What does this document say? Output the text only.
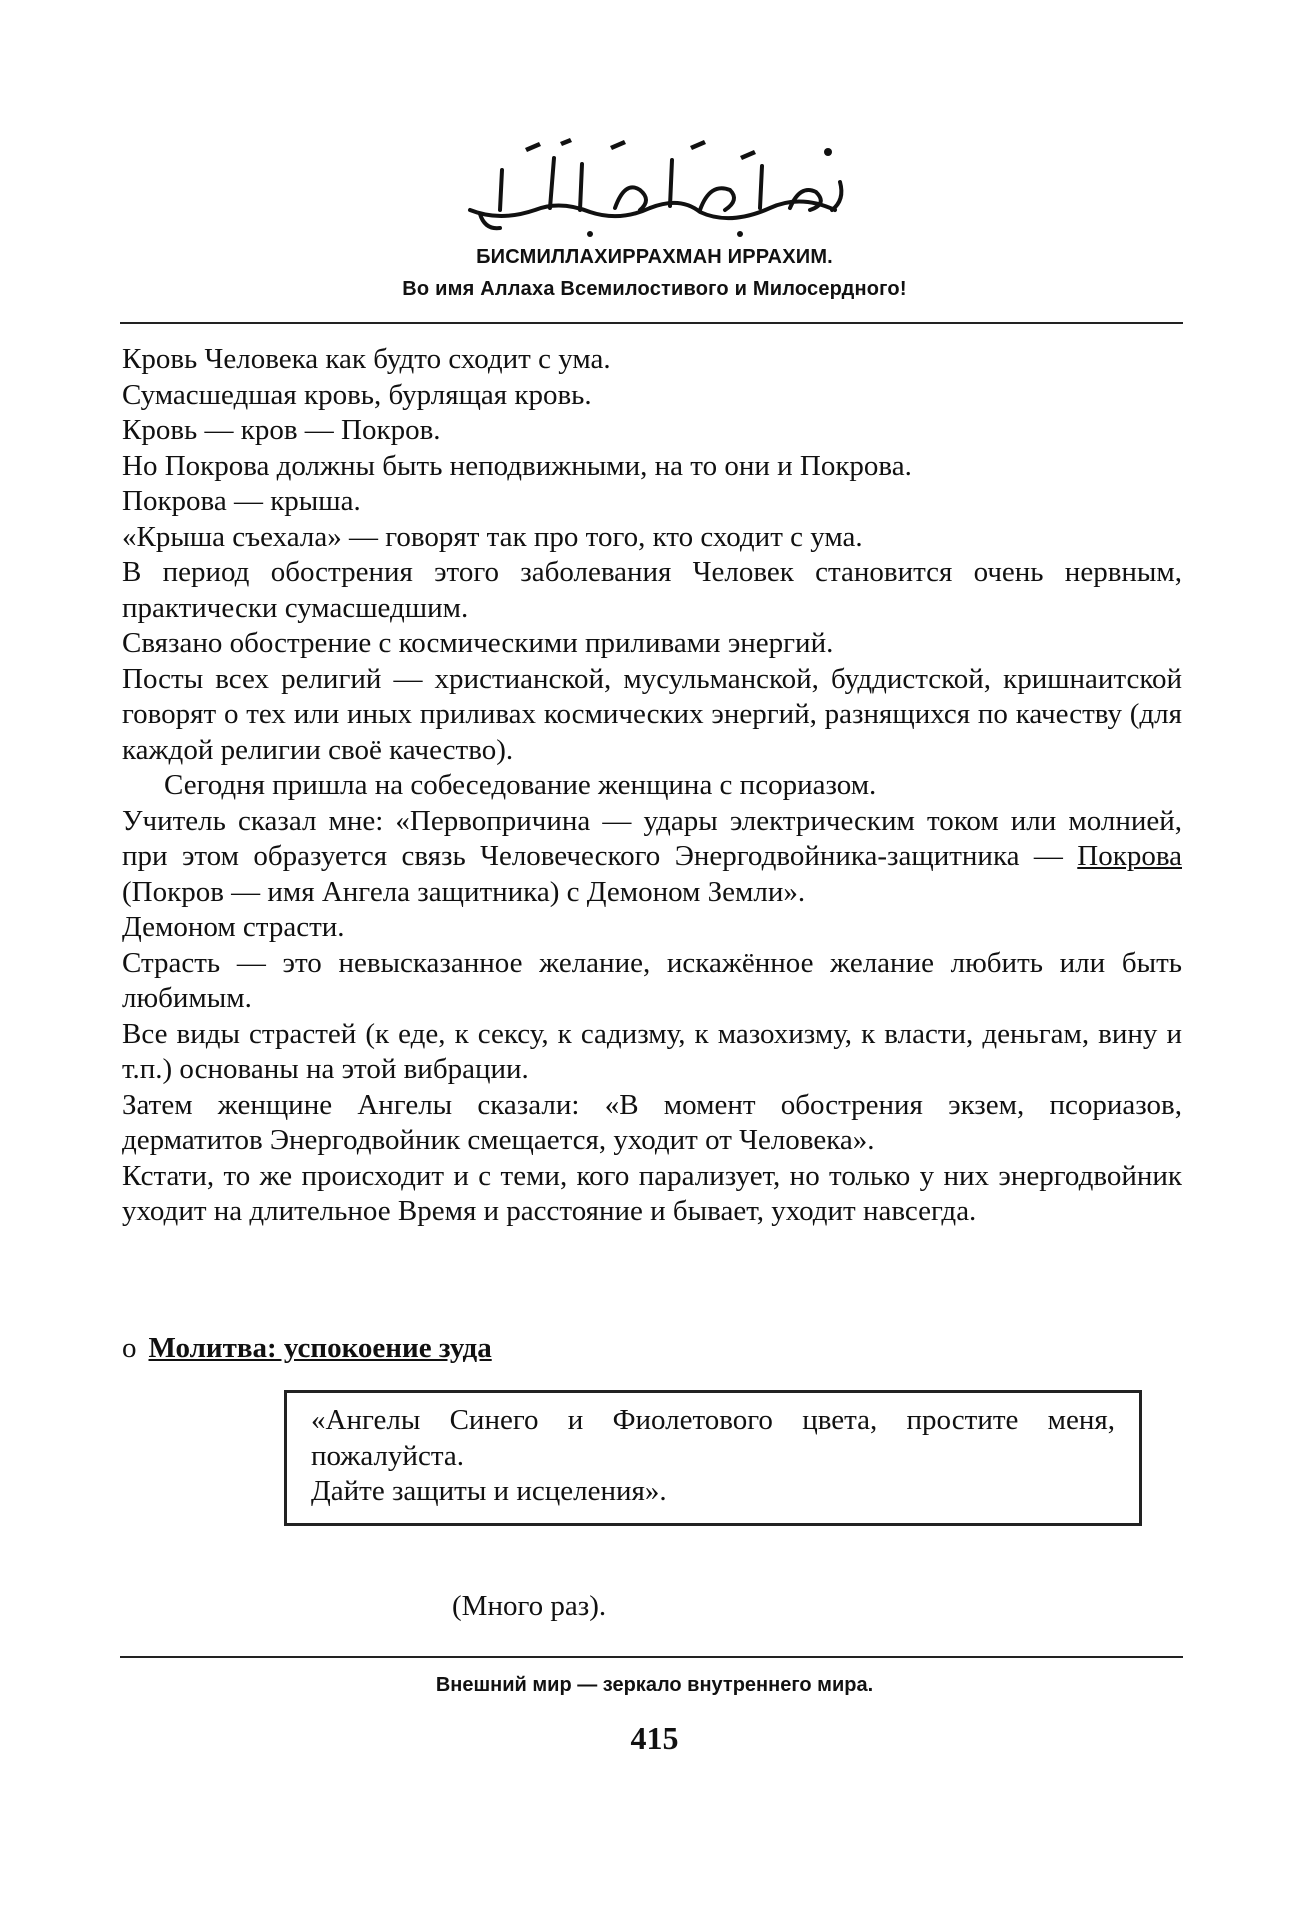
БИСМИЛЛАХИРРАХМАН ИРРАХИМ.
Во имя Аллаха Всемилостивого и Милосердного!

Кровь Человека как будто сходит с ума.

Сумасшедшая кровь, бурлящая кровь.

Кровь — кров — Покров.

Но Покрова должны быть неподвижными, на то они и Покрова.

Покрова — крыша.

«Крыша съехала» — говорят так про того, кто сходит с ума.

В период обострения этого заболевания Человек становится очень нервным, практически сумасшедшим.

Связано обострение с космическими приливами энергий.

Посты всех религий — христианской, мусульманской, буддистской, кришнаитской говорят о тех или иных приливах космических энергий, разнящихся по качеству (для каждой религии своё качество).

Сегодня пришла на собеседование женщина с псориазом.

Учитель сказал мне: «Первопричина — удары электрическим током или молнией, при этом образуется связь Человеческого Энергодвойника-защитника — Покрова (Покров — имя Ангела защитника) с Демоном Земли».

Демоном страсти.

Страсть — это невысказанное желание, искажённое желание любить или быть любимым.

Все виды страстей (к еде, к сексу, к садизму, к мазохизму, к власти, деньгам, вину и т.п.) основаны на этой вибрации.

Затем женщине Ангелы сказали: «В момент обострения экзем, псориазов, дерматитов Энергодвойник смещается, уходит от Человека».

Кстати, то же происходит и с теми, кого парализует, но только у них энергодвойник уходит на длительное Время и расстояние и бывает, уходит навсегда.

o Молитва: успокоение зуда

«Ангелы Синего и Фиолетового цвета, простите меня, пожалуйста.

Дайте защиты и исцеления».

(Много раз).
Внешний мир — зеркало внутреннего мира.
415
